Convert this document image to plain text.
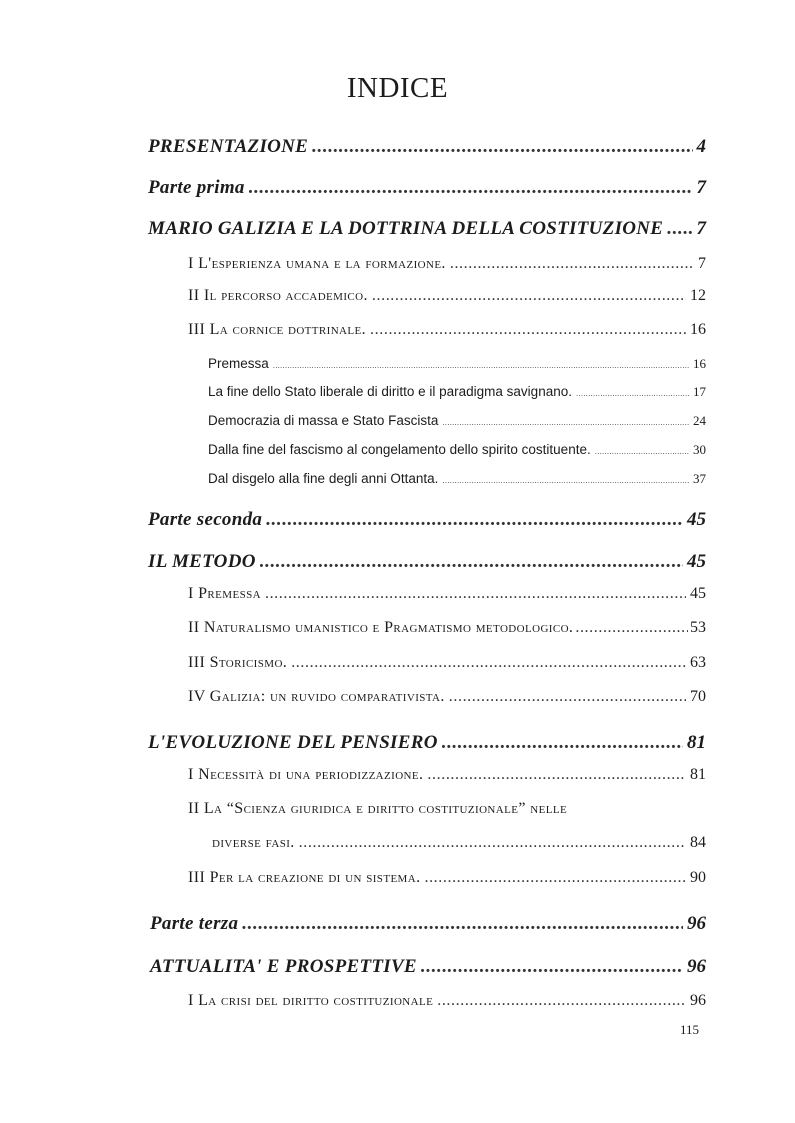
INDICE
PRESENTAZIONE .....	4
Parte prima .....	7
MARIO GALIZIA E LA DOTTRINA DELLA COSTITUZIONE ..... 7
I L'esperienza umana e la formazione. .....	7
II Il percorso accademico. .....	12
III La cornice dottrinale. .....	16
Premessa .....	16
La fine dello Stato liberale di diritto e il paradigma savignano. .....	17
Democrazia di massa e Stato Fascista .....	24
Dalla fine del fascismo al congelamento dello spirito costituente. .....	30
Dal disgelo alla fine degli anni Ottanta. .....	37
Parte seconda .....	45
IL METODO .....	45
I Premessa .....	45
II Naturalismo umanistico e Pragmatismo metodologico. .....	53
III Storicismo. .....	63
IV Galizia: un ruvido comparativista. .....	70
L'EVOLUZIONE DEL PENSIERO .....	81
I Necessità di una periodizzazione. .....	81
II La “Scienza giuridica e diritto costituzionale” nelle
diverse fasi. .....	84
III Per la creazione di un sistema. .....	90
Parte terza .....	96
ATTUALITA' E PROSPETTIVE .....	96
I La crisi del diritto costituzionale .....	96
115
